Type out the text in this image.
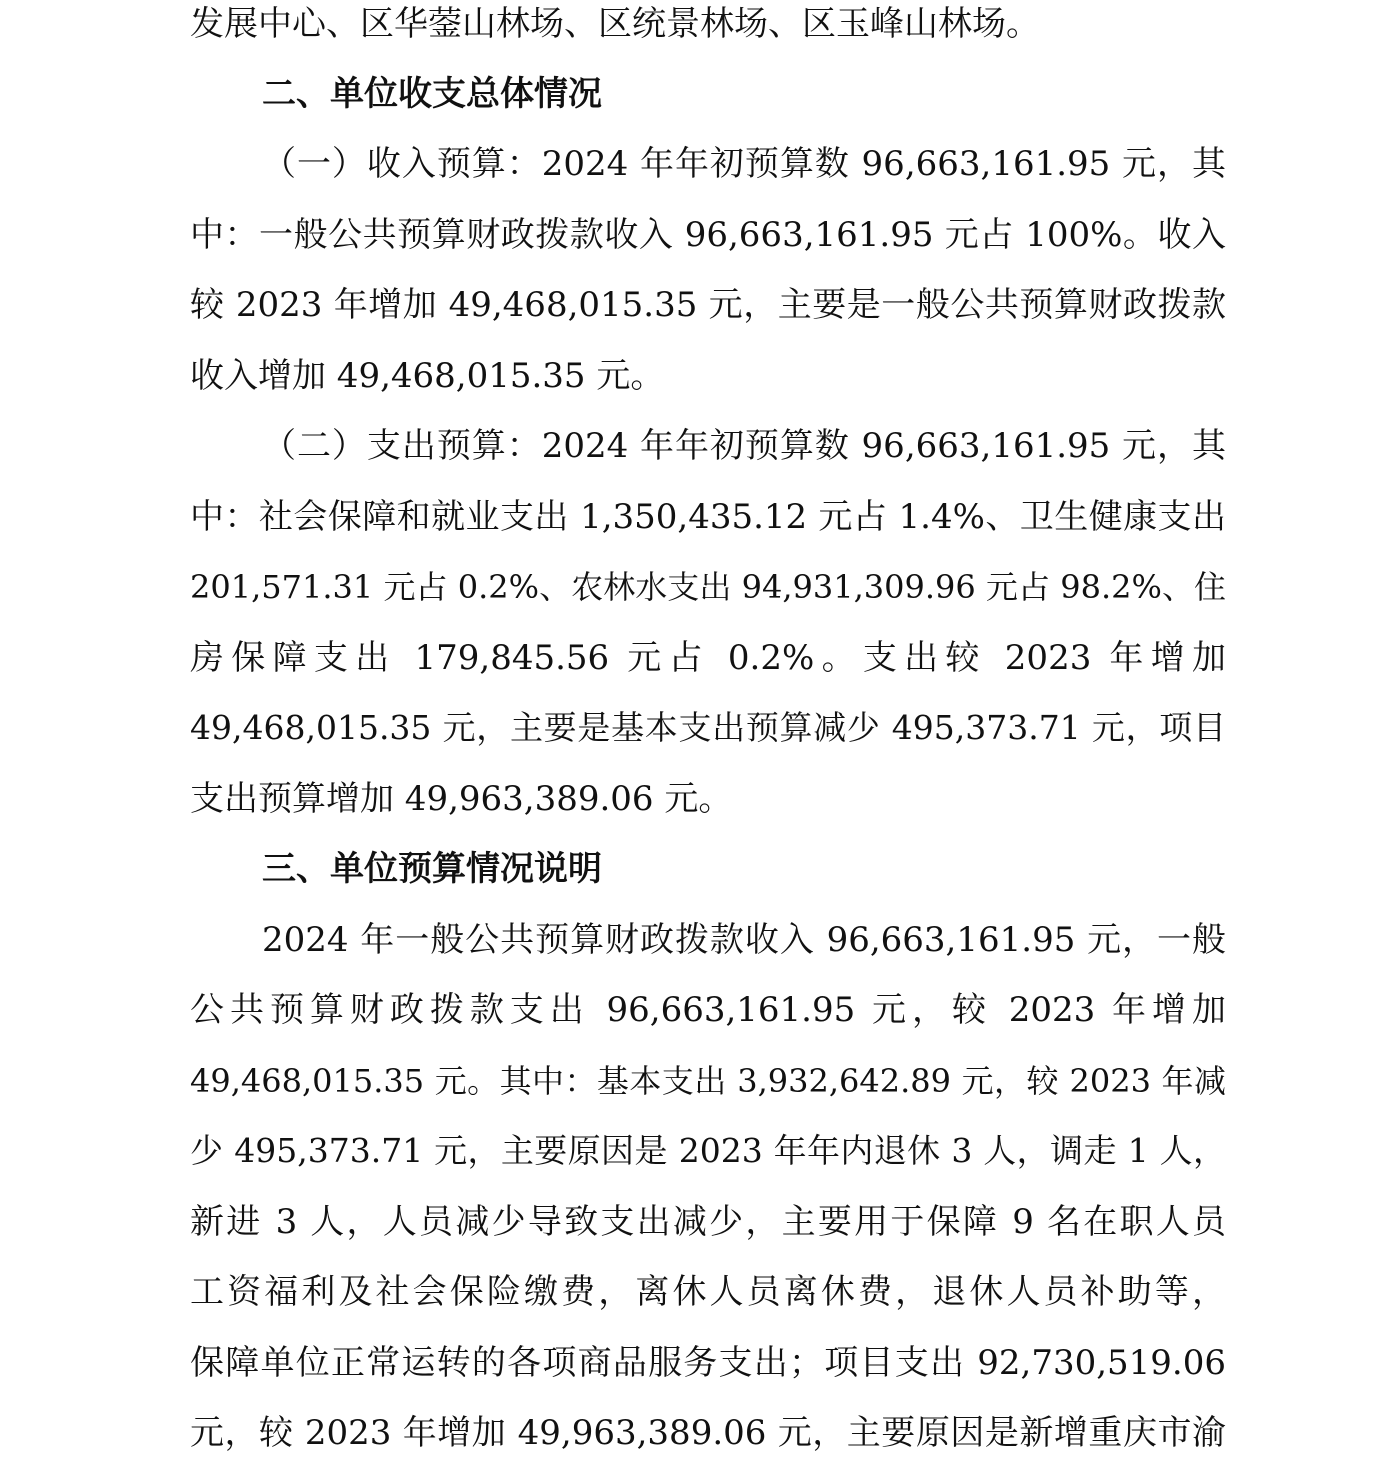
发展中心、区华蓥山林场、区统景林场、区玉峰山林场。
二、单位收支总体情况
（一）收入预算：2024 年年初预算数 96,663,161.95 元，其
中：一般公共预算财政拨款收入 96,663,161.95 元占 100%。收入
较 2023 年增加 49,468,015.35 元，主要是一般公共预算财政拨款
收入增加 49,468,015.35 元。
（二）支出预算：2024 年年初预算数 96,663,161.95 元，其
中：社会保障和就业支出 1,350,435.12 元占 1.4%、卫生健康支出
201,571.31 元占 0.2%、农林水支出 94,931,309.96 元占 98.2%、住
房保障支出 179,845.56 元占 0.2%。支出较 2023 年增加
49,468,015.35 元，主要是基本支出预算减少 495,373.71 元，项目
支出预算增加 49,963,389.06 元。
三、单位预算情况说明
2024 年一般公共预算财政拨款收入 96,663,161.95 元，一般
公共预算财政拨款支出 96,663,161.95 元，较 2023 年增加
49,468,015.35 元。其中：基本支出 3,932,642.89 元，较 2023 年减
少 495,373.71 元，主要原因是 2023 年年内退休 3 人，调走 1 人，
新进 3 人，人员减少导致支出减少，主要用于保障 9 名在职人员
工资福利及社会保险缴费，离休人员离休费，退休人员补助等，
保障单位正常运转的各项商品服务支出；项目支出 92,730,519.06
元，较 2023 年增加 49,963,389.06 元，主要原因是新增重庆市渝
